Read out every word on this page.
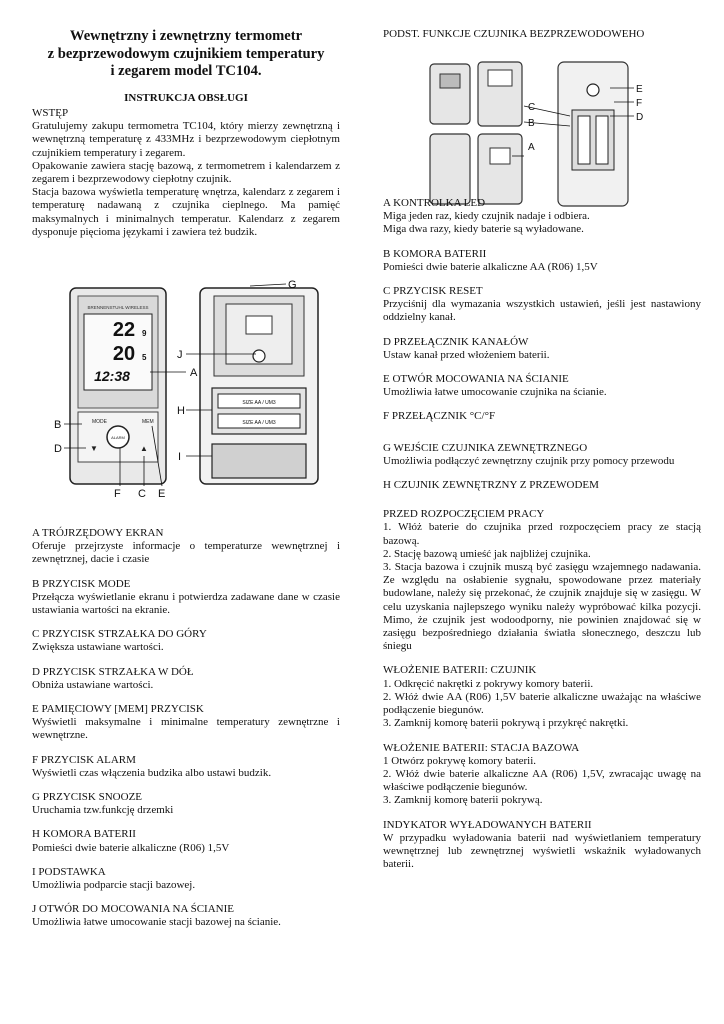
Wewnętrzny i zewnętrzny termometr
z bezprzewodowym czujnikiem temperatury
i zegarem model TC104.
INSTRUKCJA OBSŁUGI

WSTĘP

Gratulujemy zakupu termometra TC104, który mierzy zewnętrzną i wewnętrzną temperaturę z 433MHz i bezprzewodowym ciepłotnym czujnikiem temperatury i zegarem.

Opakowanie zawiera stację bazową, z termometrem i kalendarzem z zegarem i bezprzewodowy ciepłotny czujnik.

Stacja bazowa wyświetla temperaturę wnętrza, kalendarz z zegarem i temperaturę nadawaną z czujnika cieplnego. Ma pamięć maksymalnych i minimalnych temperatur. Kalendarz z zegarem dysponuje pięcioma językami i zawiera też budzik.

BRENNENSTUHL WIRELESS
22 9
20 5
12:38
MODE	MEM
ALARM
▼	▲
SIZE AA / UM3
SIZE AA / UM3
G
J
A
B
D
H
I
C E
F

A TRÓJRZĘDOWY EKRAN

Oferuje przejrzyste informacje o temperaturze wewnętrznej i zewnętrznej, dacie i czasie

B PRZYCISK MODE

Przełącza wyświetlanie ekranu i potwierdza zadawane dane w czasie ustawiania wartości na ekranie.

C PRZYCISK STRZAŁKA DO GÓRY

Zwiększa ustawiane wartości.

D PRZYCISK STRZAŁKA W DÓŁ

Obniża ustawiane wartości.

E PAMIĘCIOWY [MEM] PRZYCISK

Wyświetli maksymalne i minimalne temperatury zewnętrzne i wewnętrzne.

F PRZYCISK ALARM

Wyświetli czas włączenia budzika albo ustawi budzik.

G PRZYCISK SNOOZE

Uruchamia tzw.funkcję drzemki

H KOMORA BATERII

Pomieści dwie baterie alkaliczne (R06) 1,5V

I PODSTAWKA

Umożliwia podparcie stacji bazowej.

J OTWÓR DO MOCOWANIA NA ŚCIANIE

Umożliwia łatwe umocowanie stacji bazowej na ścianie.

PODST. FUNKCJE CZUJNIKA BEZPRZEWODOWEHO

E
F
D
C
B
A

A KONTROLKA LED

Miga jeden raz, kiedy czujnik nadaje i odbiera.
Miga dwa razy, kiedy baterie są wyładowane.

B KOMORA BATERII

Pomieści dwie baterie alkaliczne AA (R06) 1,5V

C PRZYCISK RESET

Przyciśnij dla wymazania wszystkich ustawień, jeśli jest nastawiony oddzielny kanał.

D PRZEŁĄCZNIK KANAŁÓW

Ustaw kanał przed włożeniem baterii.

E OTWÓR MOCOWANIA NA ŚCIANIE

Umożliwia łatwe umocowanie czujnika na ścianie.

F PRZEŁĄCZNIK °C/°F

G WEJŚCIE CZUJNIKA ZEWNĘTRZNEGO

Umożliwia podłączyć zewnętrzny czujnik przy pomocy przewodu

H CZUJNIK ZEWNĘTRZNY Z PRZEWODEM

PRZED ROZPOCZĘCIEM PRACY

1. Włóż baterie do czujnika przed rozpoczęciem pracy ze stacją bazową.

2. Stację bazową umieść jak najbliżej czujnika.

3. Stacja bazowa i czujnik muszą być zasięgu wzajemnego nadawania. Ze względu na osłabienie sygnału, spowodowane przez materiały budowlane, należy się przekonać, że czujnik znajduje się w zasięgu. W celu uzyskania najlepszego wyniku należy wypróbować kilka pozycji. Mimo, że czujnik jest wodoodporny, nie powinien znajdować się w zasięgu bezpośredniego działania światła słonecznego, deszczu lub śniegu

WŁOŻENIE BATERII: CZUJNIK

1. Odkręcić nakrętki z pokrywy komory baterii.

2. Włóż dwie AA (R06) 1,5V baterie alkaliczne uważając na właściwe podłączenie biegunów.

3. Zamknij komorę baterii pokrywą i przykręć nakrętki.

WŁOŻENIE BATERII: STACJA BAZOWA

1 Otwórz pokrywę komory baterii.

2. Włóż dwie baterie alkaliczne AA (R06) 1,5V, zwracając uwagę na właściwe podłączenie biegunów.

3. Zamknij komorę baterii pokrywą.

INDYKATOR WYŁADOWANYCH BATERII

W przypadku wyładowania baterii nad wyświetlaniem temperatury wewnętrznej lub zewnętrznej wyświetli wskaźnik wyładowanych baterii.
